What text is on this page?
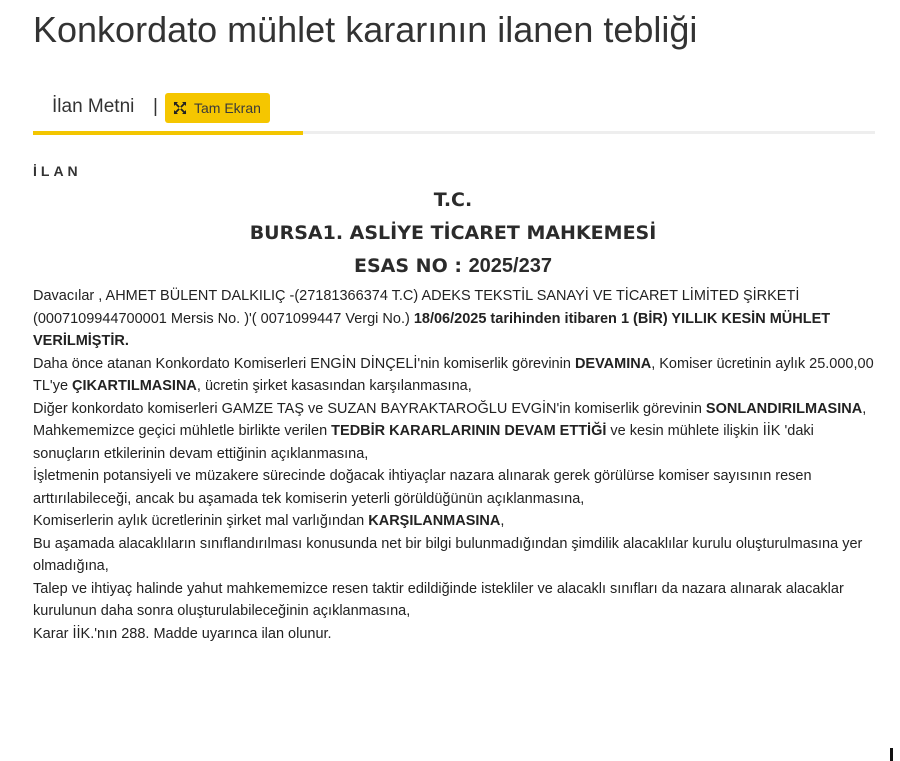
Konkordato mühlet kararının ilanen tebliği
İlan Metni |	Tam Ekran
İLAN
T.C.
BURSA1. ASLİYE TİCARET MAHKEMESİ
ESAS NO : 2025/237

Davacılar , AHMET BÜLENT DALKILIÇ -(27181366374 T.C) ADEKS TEKSTİL SANAYİ VE TİCARET LİMİTED ŞİRKETİ (0007109944700001 Mersis No. )'( 0071099447 Vergi No.) 18/06/2025 tarihinden itibaren 1 (BİR) YILLIK KESİN MÜHLET VERİLMİŞTİR.

Daha önce atanan Konkordato Komiserleri ENGİN DİNÇELİ'nin komiserlik görevinin DEVAMINA, Komiser ücretinin aylık 25.000,00 TL'ye ÇIKARTILMASINA, ücretin şirket kasasından karşılanmasına,

Diğer konkordato komiserleri GAMZE TAŞ ve SUZAN BAYRAKTAROĞLU EVGİN'in komiserlik görevinin SONLANDIRILMASINA,

Mahkememizce geçici mühletle birlikte verilen TEDBİR KARARLARININ DEVAM ETTİĞİ ve kesin mühlete ilişkin İİK 'daki sonuçların etkilerinin devam ettiğinin açıklanmasına,

İşletmenin potansiyeli ve müzakere sürecinde doğacak ihtiyaçlar nazara alınarak gerek görülürse komiser sayısının resen arttırılabileceği, ancak bu aşamada tek komiserin yeterli görüldüğünün açıklanmasına,

Komiserlerin aylık ücretlerinin şirket mal varlığından KARŞILANMASINA,

Bu aşamada alacaklıların sınıflandırılması konusunda net bir bilgi bulunmadığından şimdilik alacaklılar kurulu oluşturulmasına yer olmadığına,

Talep ve ihtiyaç halinde yahut mahkememizce resen taktir edildiğinde istekliler ve alacaklı sınıfları da nazara alınarak alacaklar kurulunun daha sonra oluşturulabileceğinin açıklanmasına,

Karar İİK.'nın 288. Madde uyarınca ilan olunur.
